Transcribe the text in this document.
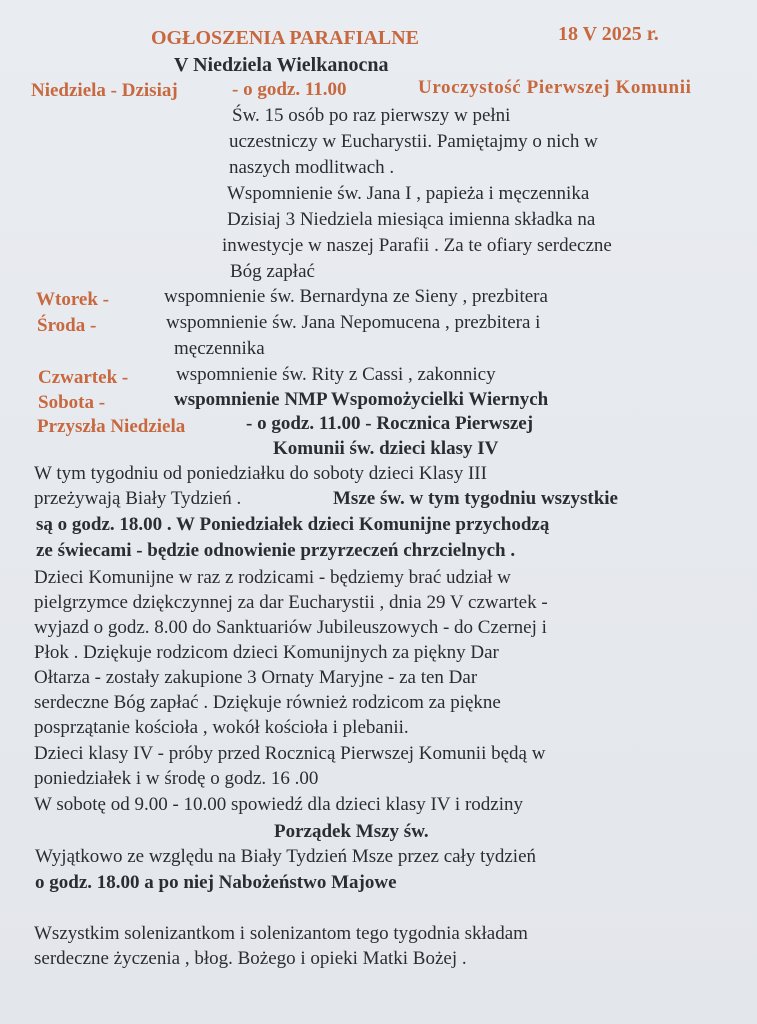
OGŁOSZENIA PARAFIALNE	18 V 2025 r.
V Niedziela Wielkanocna
Niedziela - Dzisiaj	- o godz. 11.00	Uroczystość Pierwszej Komunii
Św. 15 osób po raz pierwszy w pełni
uczestniczy w Eucharystii. Pamiętajmy o nich w
naszych modlitwach .
Wspomnienie św. Jana I , papieża i męczennika
Dzisiaj 3 Niedziela miesiąca imienna składka na
inwestycje w naszej Parafii . Za te ofiary serdeczne
Bóg zapłać
Wtorek -	wspomnienie św. Bernardyna ze Sieny , prezbitera
Środa -	wspomnienie św. Jana Nepomucena , prezbitera i
męczennika
Czwartek -	wspomnienie św. Rity z Cassi , zakonnicy
Sobota -	wspomnienie NMP Wspomożycielki Wiernych
Przyszła Niedziela	- o godz. 11.00 - Rocznica Pierwszej
Komunii św. dzieci klasy IV
W tym tygodniu od poniedziałku do soboty dzieci Klasy III
przeżywają Biały Tydzień .	Msze św. w tym tygodniu wszystkie
są o godz. 18.00 . W Poniedziałek dzieci Komunijne przychodzą
ze świecami - będzie odnowienie przyrzeczeń chrzcielnych .
Dzieci Komunijne w raz z rodzicami - będziemy brać udział w
pielgrzymce dziękczynnej za dar Eucharystii , dnia 29 V czwartek -
wyjazd o godz. 8.00 do Sanktuariów Jubileuszowych - do Czernej i
Płok . Dziękuje rodzicom dzieci Komunijnych za piękny Dar
Ołtarza - zostały zakupione 3 Ornaty Maryjne - za ten Dar
serdeczne Bóg zapłać . Dziękuje również rodzicom za piękne
posprzątanie kościoła , wokół kościoła i plebanii.
Dzieci klasy IV - próby przed Rocznicą Pierwszej Komunii będą w
poniedziałek i w środę o godz. 16 .00
W sobotę od 9.00 - 10.00 spowiedź dla dzieci klasy IV i rodziny
Porządek Mszy św.
Wyjątkowo ze względu na Biały Tydzień Msze przez cały tydzień
o godz. 18.00 a po niej Nabożeństwo Majowe
Wszystkim solenizantkom i solenizantom tego tygodnia składam
serdeczne życzenia , błog. Bożego i opieki Matki Bożej .
